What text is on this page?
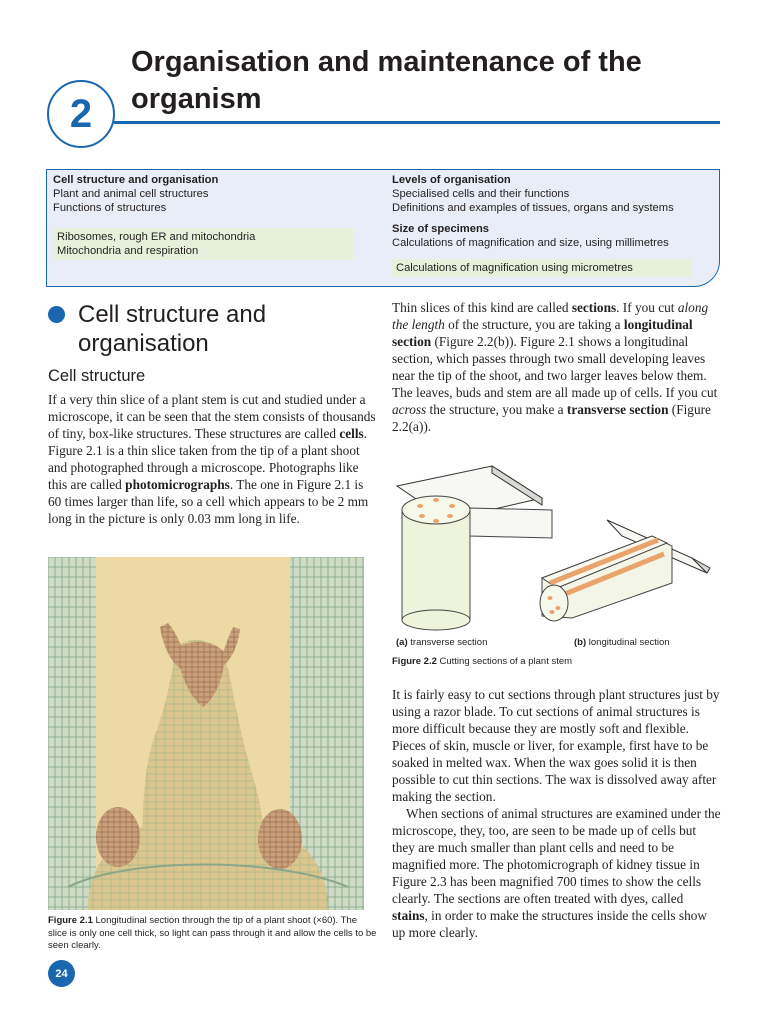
Organisation and maintenance of the organism
2

Cell structure and organisation

Plant and animal cell structures

Functions of structures

Ribosomes, rough ER and mitochondria

Mitochondria and respiration

Levels of organisation

Specialised cells and their functions

Definitions and examples of tissues, organs and systems

Size of specimens

Calculations of magnification and size, using millimetres

Calculations of magnification using micrometres

Cell structure and organisation
Cell structure

If a very thin slice of a plant stem is cut and studied under a microscope, it can be seen that the stem consists of thousands of tiny, box-like structures. These structures are called cells. Figure 2.1 is a thin slice taken from the tip of a plant shoot and photographed through a microscope. Photographs like this are called photomicrographs. The one in Figure 2.1 is 60 times larger than life, so a cell which appears to be 2 mm long in the picture is only 0.03 mm long in life.

Figure 2.1 Longitudinal section through the tip of a plant shoot (×60). The slice is only one cell thick, so light can pass through it and allow the cells to be seen clearly.

24

Thin slices of this kind are called sections. If you cut along the length of the structure, you are taking a longitudinal section (Figure 2.2(b)). Figure 2.1 shows a longitudinal section, which passes through two small developing leaves near the tip of the shoot, and two larger leaves below them. The leaves, buds and stem are all made up of cells. If you cut across the structure, you make a transverse section (Figure 2.2(a)).

(a) transverse section	(b) longitudinal section

Figure 2.2 Cutting sections of a plant stem

It is fairly easy to cut sections through plant structures just by using a razor blade. To cut sections of animal structures is more difficult because they are mostly soft and flexible. Pieces of skin, muscle or liver, for example, first have to be soaked in melted wax. When the wax goes solid it is then possible to cut thin sections. The wax is dissolved away after making the section.

When sections of animal structures are examined under the microscope, they, too, are seen to be made up of cells but they are much smaller than plant cells and need to be magnified more. The photomicrograph of kidney tissue in Figure 2.3 has been magnified 700 times to show the cells clearly. The sections are often treated with dyes, called stains, in order to make the structures inside the cells show up more clearly.
